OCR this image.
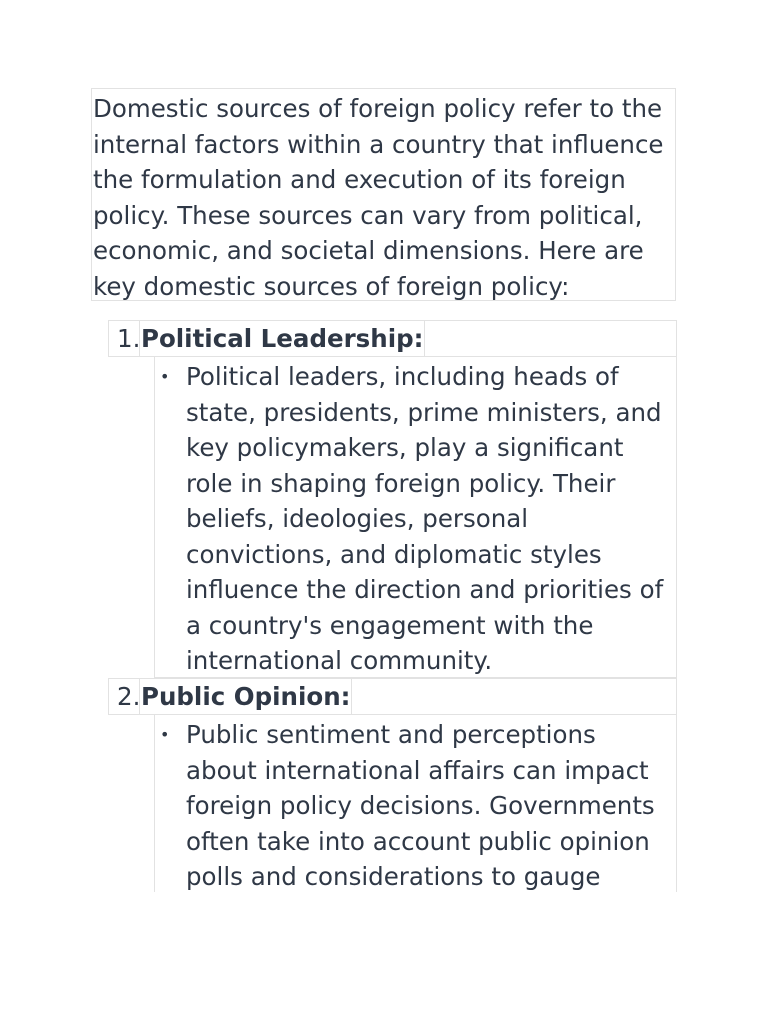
Domestic sources of foreign policy refer to the
internal factors within a country that influence
the formulation and execution of its foreign
policy. These sources can vary from political,
economic, and societal dimensions. Here are
key domestic sources of foreign policy:
1. Political Leadership:
• Political leaders, including heads of
state, presidents, prime ministers, and
key policymakers, play a significant
role in shaping foreign policy. Their
beliefs, ideologies, personal
convictions, and diplomatic styles
influence the direction and priorities of
a country's engagement with the
international community.
2. Public Opinion:
• Public sentiment and perceptions
about international affairs can impact
foreign policy decisions. Governments
often take into account public opinion
polls and considerations to gauge
